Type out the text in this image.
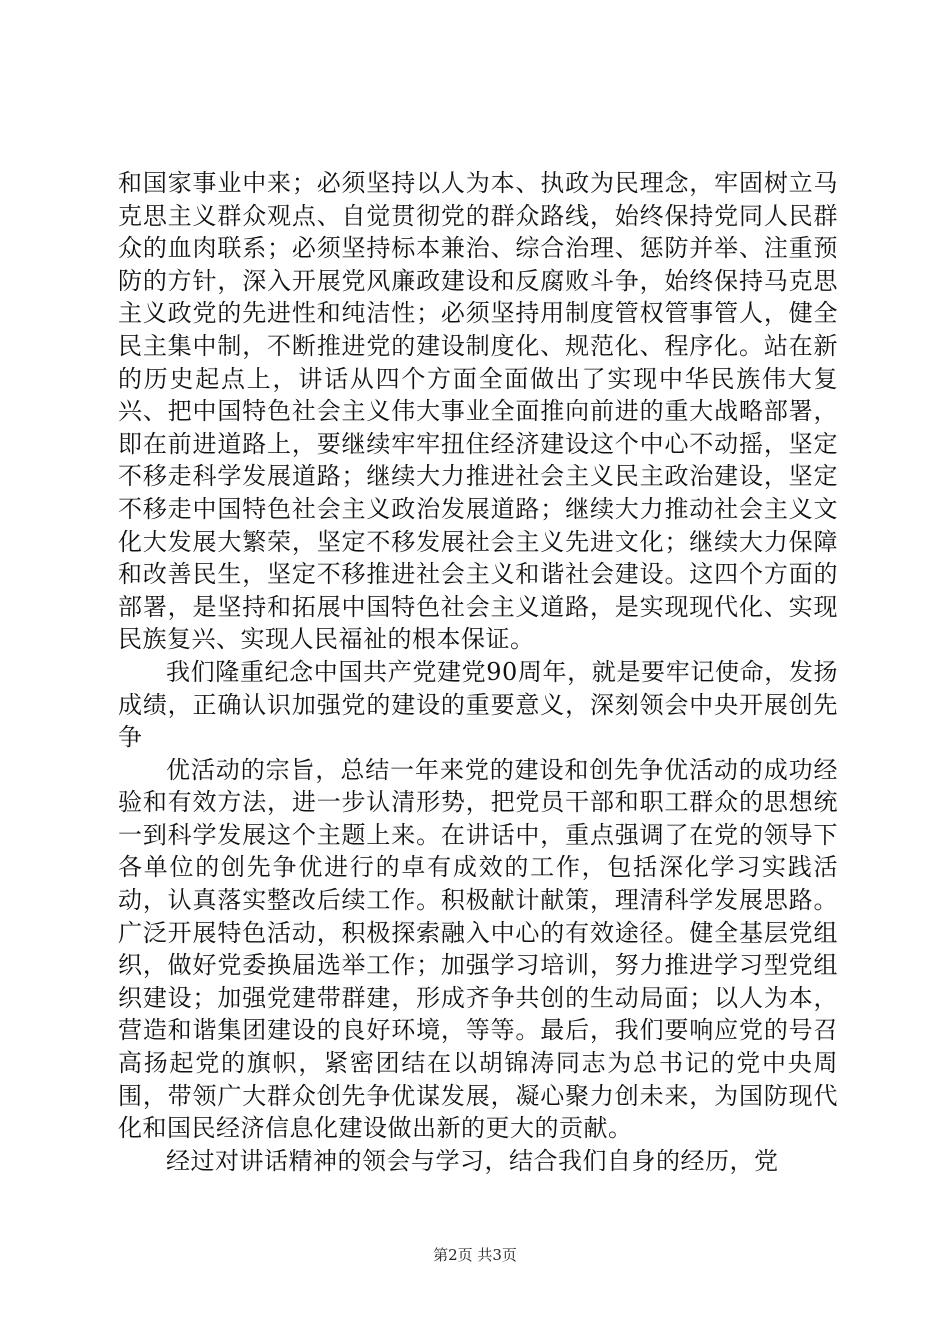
和国家事业中来；必须坚持以人为本、执政为民理念，牢固树立马克思主义群众观点、自觉贯彻党的群众路线，始终保持党同人民群众的血肉联系；必须坚持标本兼治、综合治理、惩防并举、注重预防的方针，深入开展党风廉政建设和反腐败斗争，始终保持马克思主义政党的先进性和纯洁性；必须坚持用制度管权管事管人，健全民主集中制，不断推进党的建设制度化、规范化、程序化。站在新的历史起点上，讲话从四个方面全面做出了实现中华民族伟大复兴、把中国特色社会主义伟大事业全面推向前进的重大战略部署，即在前进道路上，要继续牢牢扭住经济建设这个中心不动摇，坚定不移走科学发展道路；继续大力推进社会主义民主政治建设，坚定不移走中国特色社会主义政治发展道路；继续大力推动社会主义文化大发展大繁荣，坚定不移发展社会主义先进文化；继续大力保障和改善民生，坚定不移推进社会主义和谐社会建设。这四个方面的部署，是坚持和拓展中国特色社会主义道路，是实现现代化、实现民族复兴、实现人民福祉的根本保证。

我们隆重纪念中国共产党建党90周年，就是要牢记使命，发扬成绩，正确认识加强党的建设的重要意义，深刻领会中央开展创先争

优活动的宗旨，总结一年来党的建设和创先争优活动的成功经验和有效方法，进一步认清形势，把党员干部和职工群众的思想统一到科学发展这个主题上来。在讲话中，重点强调了在党的领导下各单位的创先争优进行的卓有成效的工作，包括深化学习实践活动，认真落实整改后续工作。积极献计献策，理清科学发展思路。广泛开展特色活动，积极探索融入中心的有效途径。健全基层党组织，做好党委换届选举工作；加强学习培训，努力推进学习型党组织建设；加强党建带群建，形成齐争共创的生动局面；以人为本，营造和谐集团建设的良好环境，等等。最后，我们要响应党的号召高扬起党的旗帜，紧密团结在以胡锦涛同志为总书记的党中央周围，带领广大群众创先争优谋发展，凝心聚力创未来，为国防现代化和国民经济信息化建设做出新的更大的贡献。

经过对讲话精神的领会与学习，结合我们自身的经历，党

第2页 共3页
